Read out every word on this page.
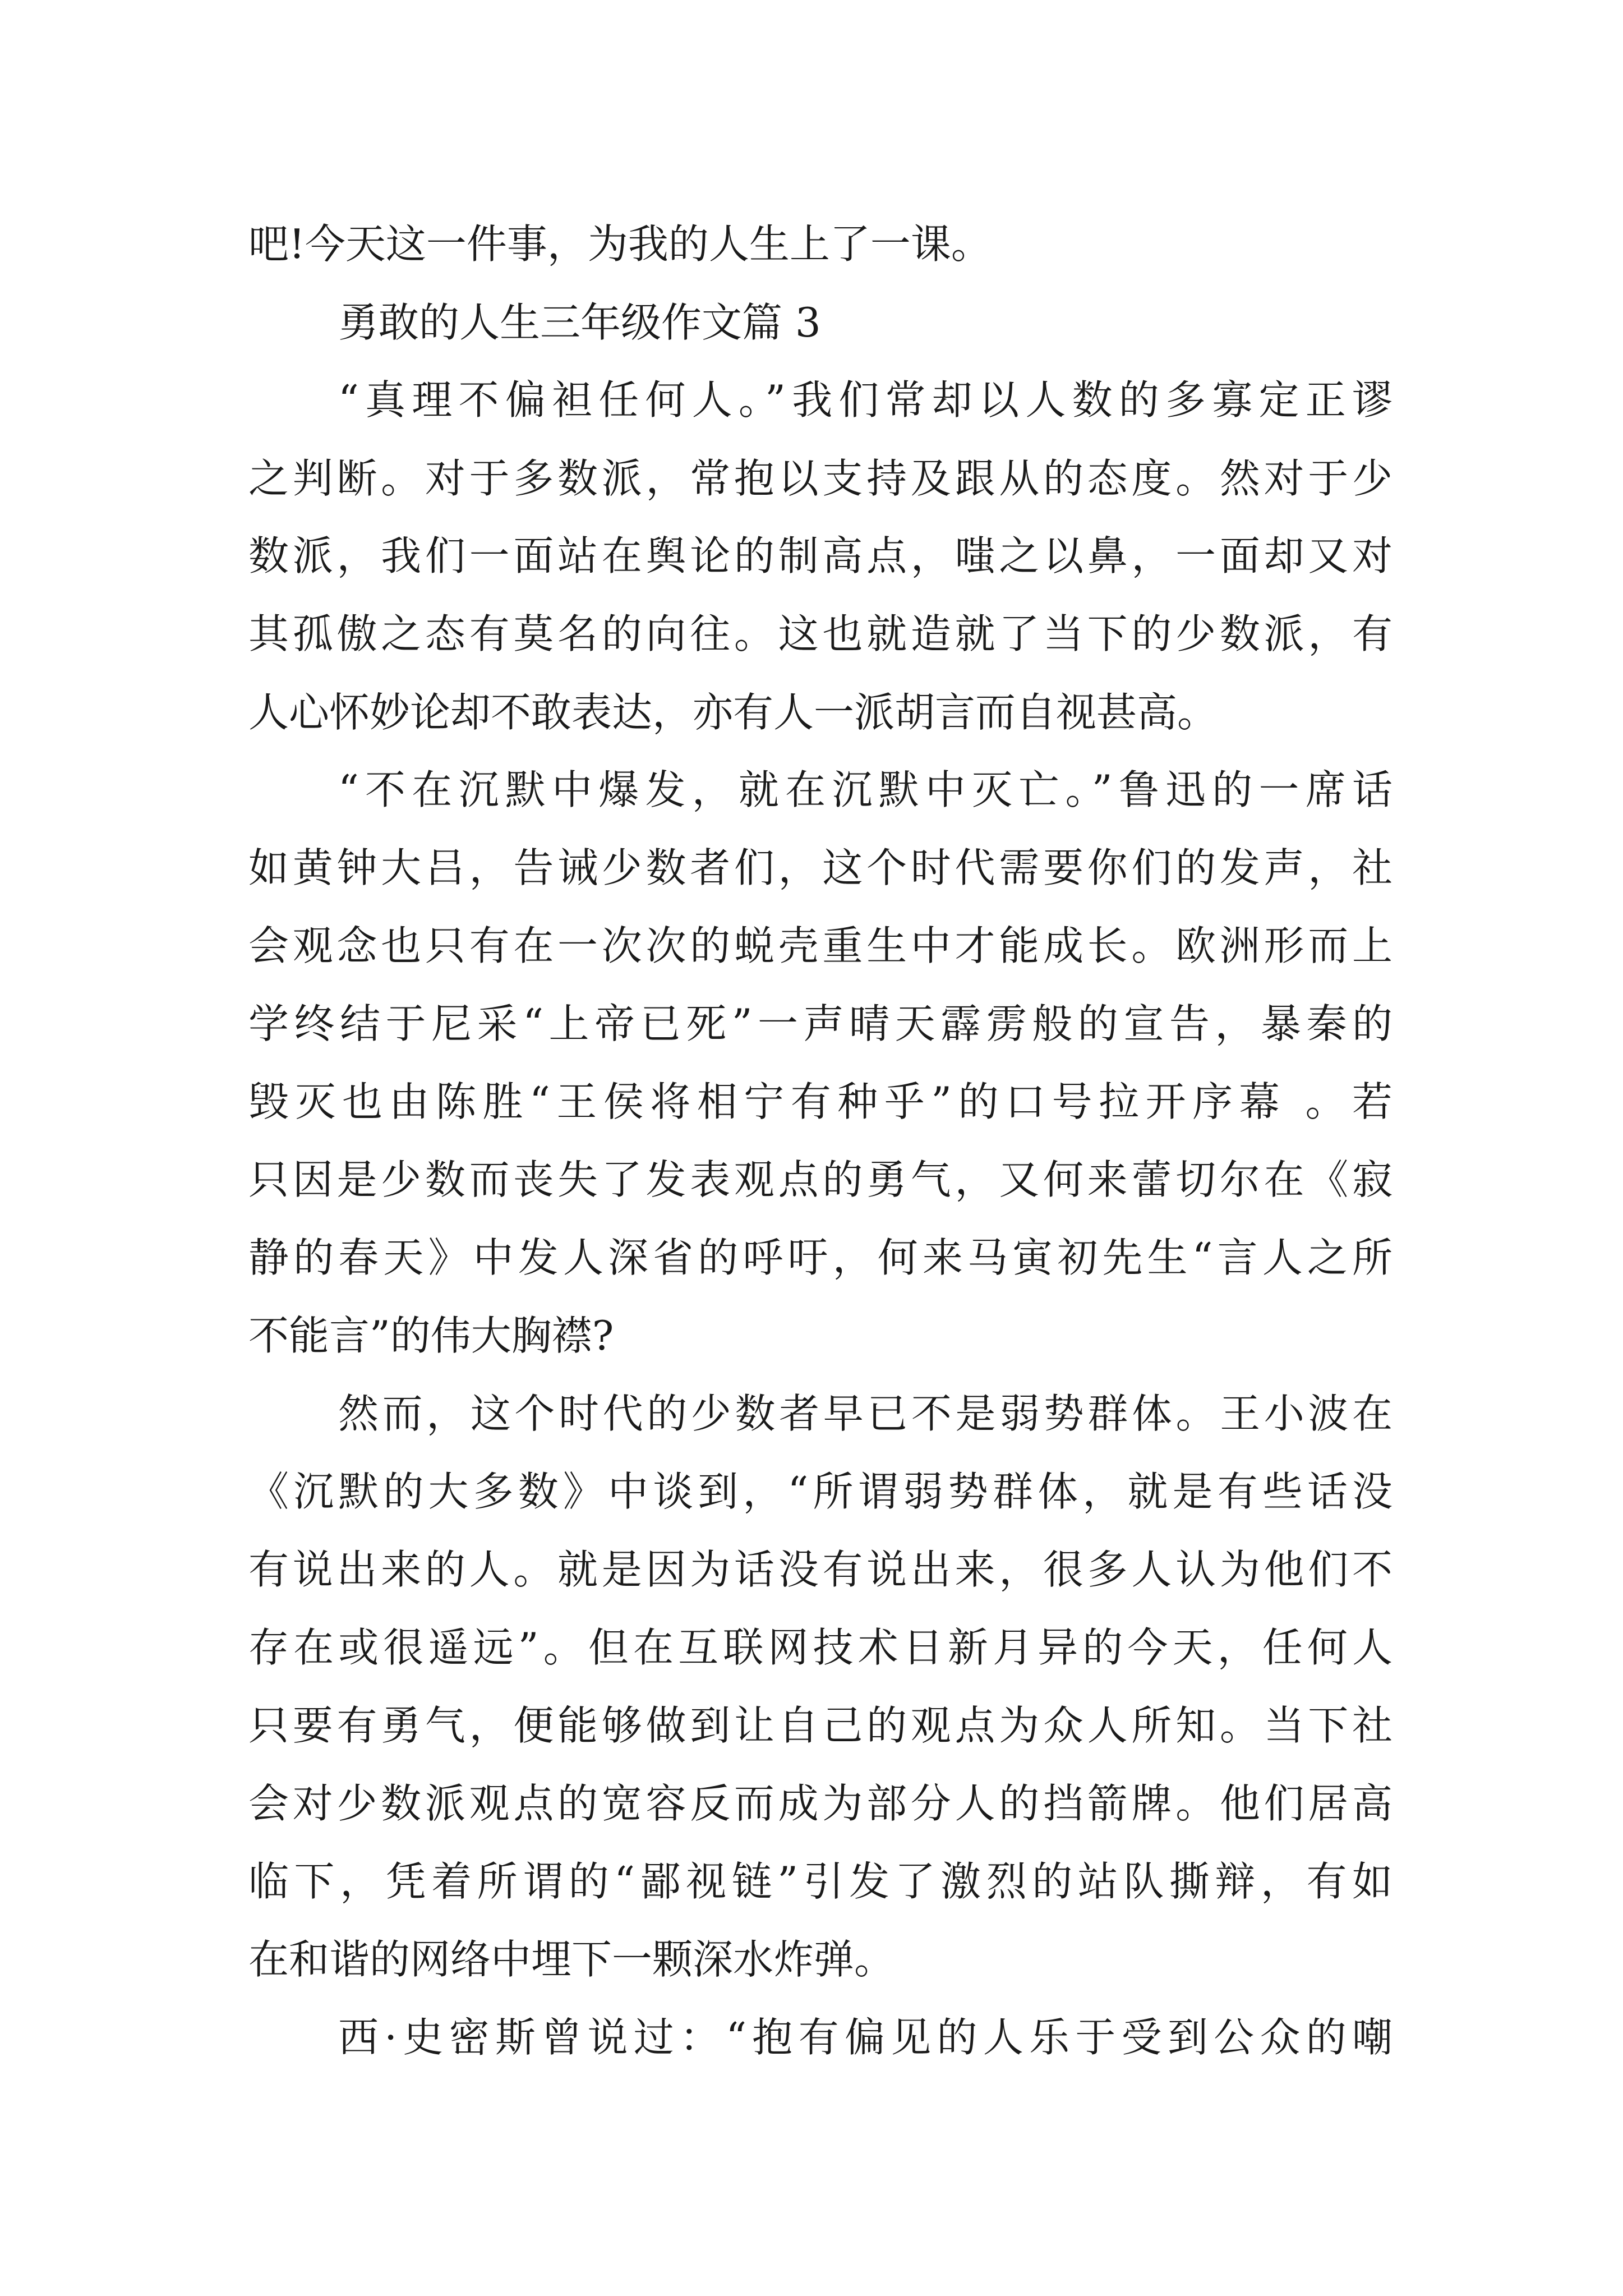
吧!今天这一件事，为我的人生上了一课。
勇敢的人生三年级作文篇 3
“真理不偏袒任何人。”我们常却以人数的多寡定正谬
之判断。对于多数派，常抱以支持及跟从的态度。然对于少
数派，我们一面站在舆论的制高点，嗤之以鼻，一面却又对
其孤傲之态有莫名的向往。这也就造就了当下的少数派，有
人心怀妙论却不敢表达，亦有人一派胡言而自视甚高。
“不在沉默中爆发，就在沉默中灭亡。”鲁迅的一席话
如黄钟大吕，告诫少数者们，这个时代需要你们的发声，社
会观念也只有在一次次的蜕壳重生中才能成长。欧洲形而上
学终结于尼采“上帝已死”一声晴天霹雳般的宣告，暴秦的
毁灭也由陈胜“王侯将相宁有种乎”的口号拉开序幕 。若
只因是少数而丧失了发表观点的勇气，又何来蕾切尔在《寂
静的春天》中发人深省的呼吁，何来马寅初先生“言人之所
不能言”的伟大胸襟?
然而，这个时代的少数者早已不是弱势群体。王小波在
《沉默的大多数》中谈到，“所谓弱势群体，就是有些话没
有说出来的人。就是因为话没有说出来，很多人认为他们不
存在或很遥远”。但在互联网技术日新月异的今天，任何人
只要有勇气，便能够做到让自己的观点为众人所知。当下社
会对少数派观点的宽容反而成为部分人的挡箭牌。他们居高
临下，凭着所谓的“鄙视链”引发了激烈的站队撕辩，有如
在和谐的网络中埋下一颗深水炸弹。
西·史密斯曾说过：“抱有偏见的人乐于受到公众的嘲
